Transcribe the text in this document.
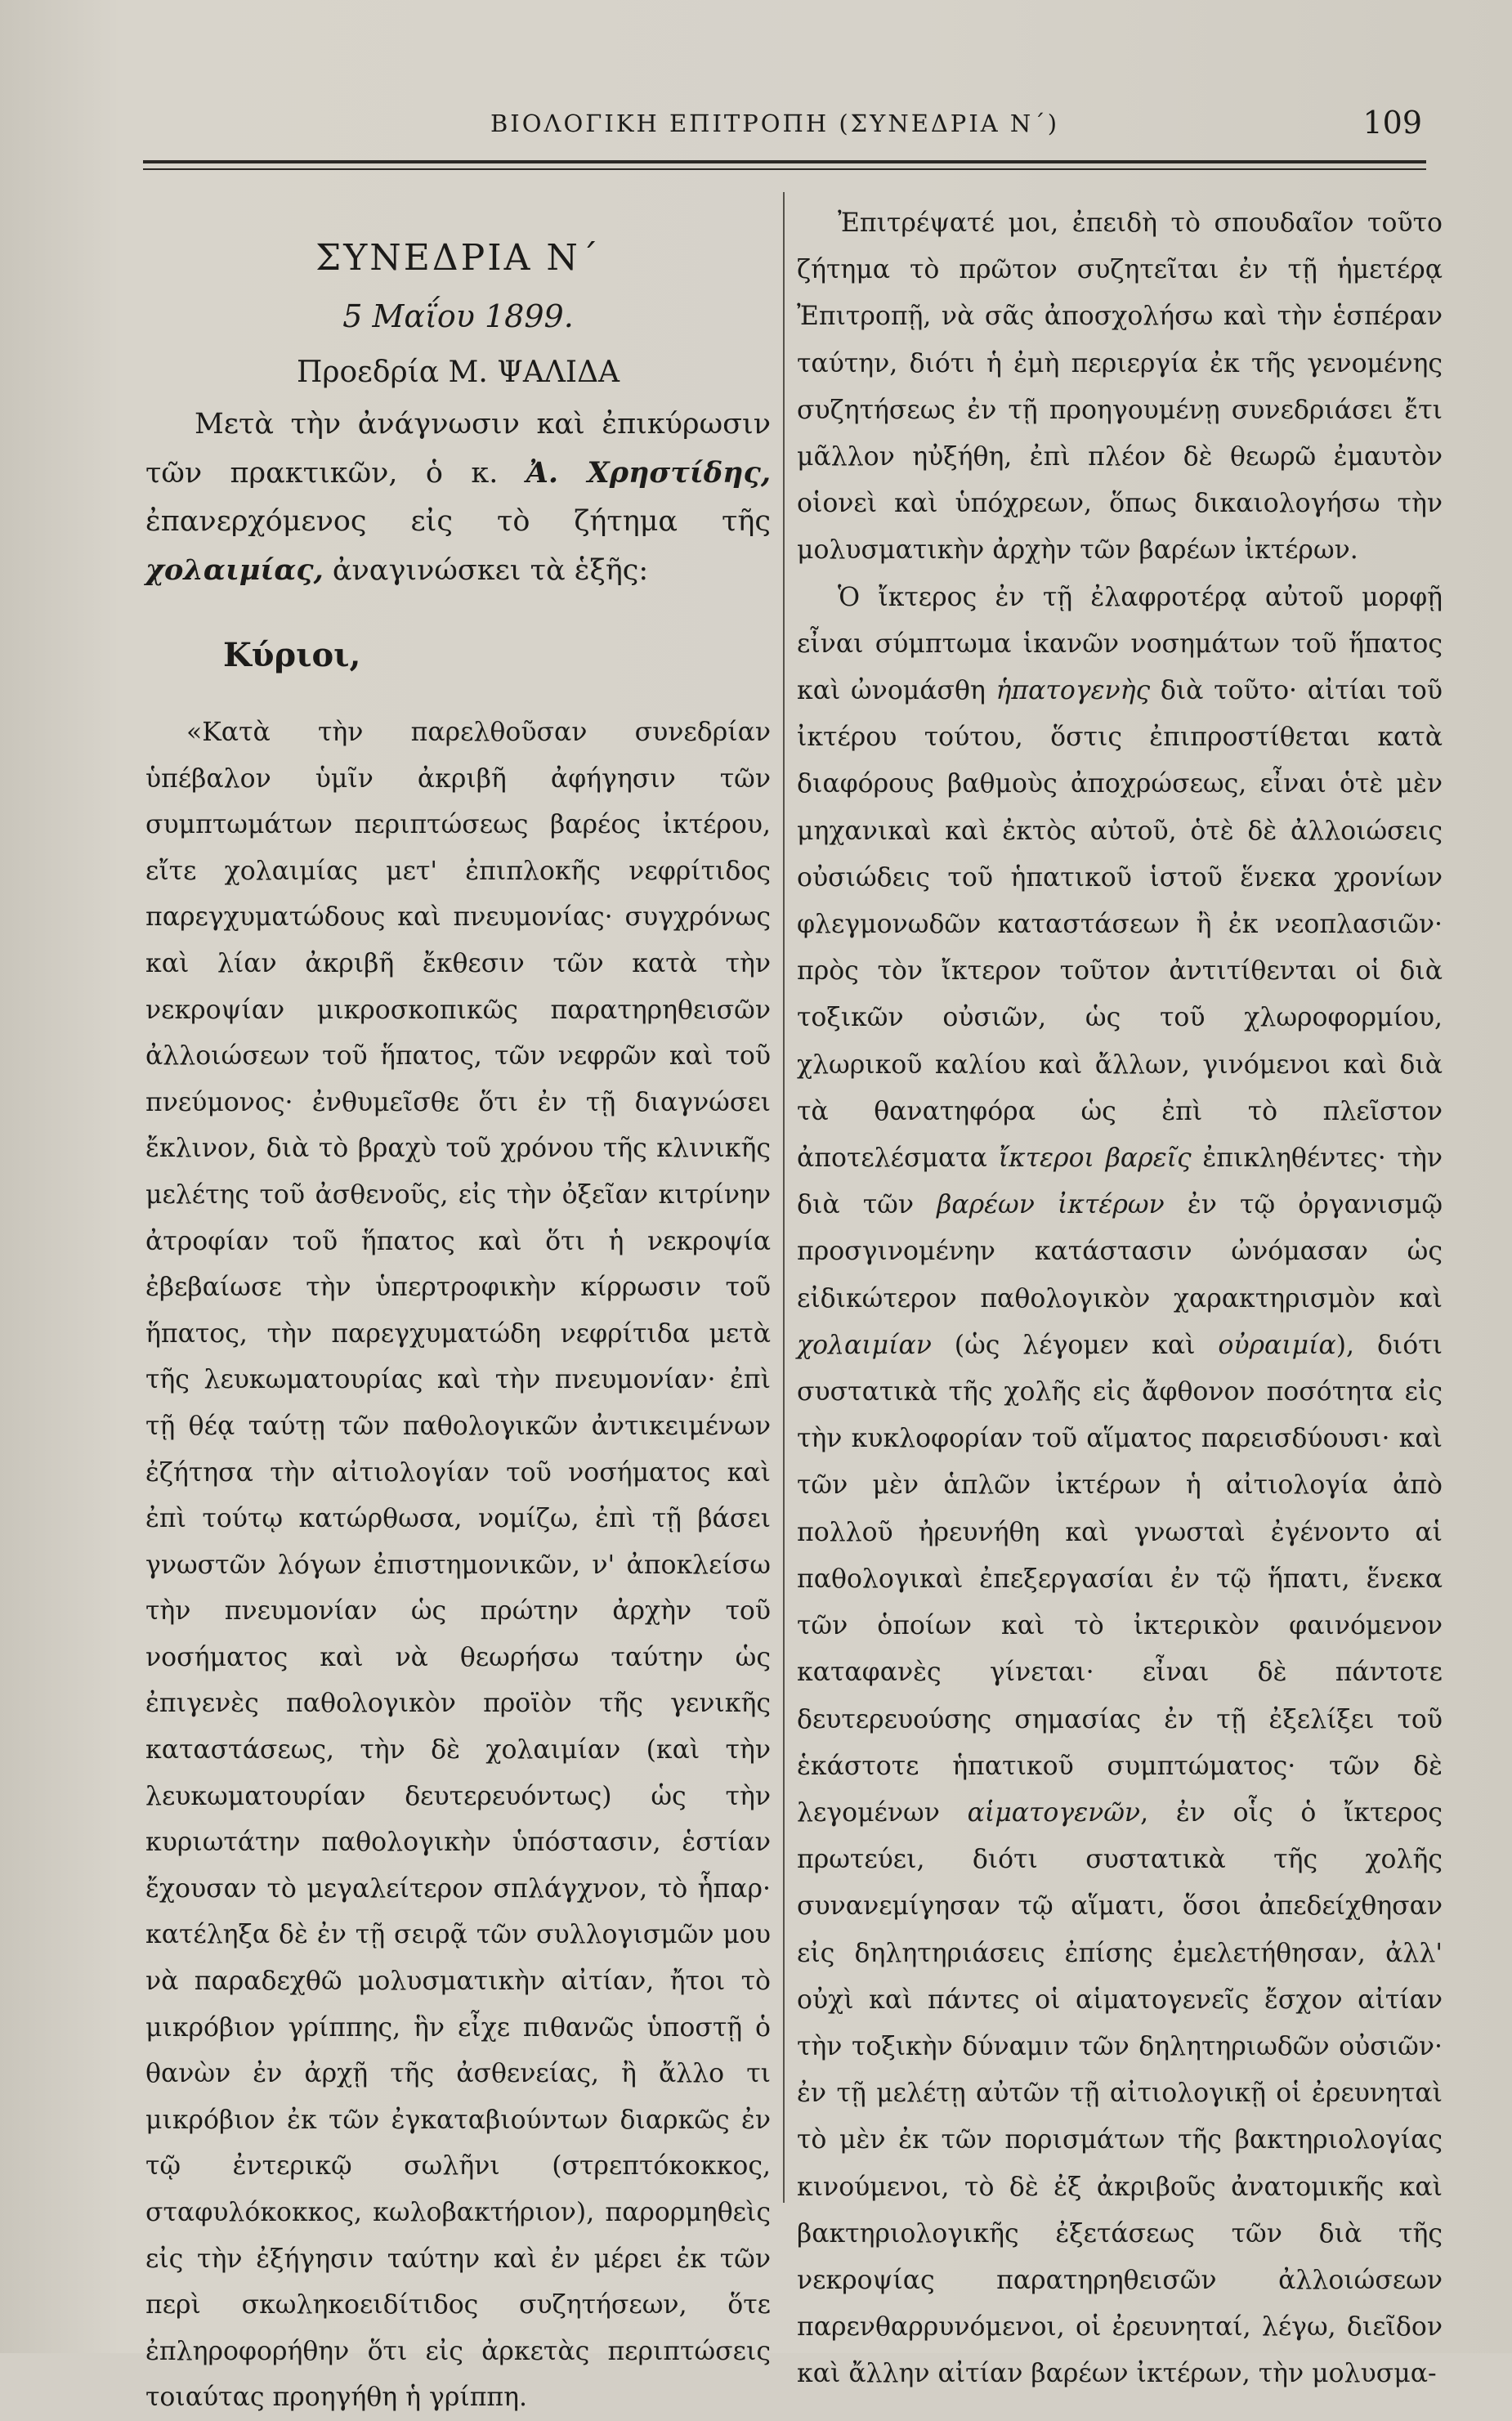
ΒΙΟΛΟΓΙΚΗ ΕΠΙΤΡΟΠΗ (ΣΥΝΕΔΡΙΑ Ν΄)	109
ΣΥΝΕΔΡΙΑ Ν΄
5 Μαΐου 1899.
Προεδρία Μ. ΨΑΛΙΔΑ

Μετὰ τὴν ἀνάγνωσιν καὶ ἐπικύρωσιν τῶν πρακτικῶν, ὁ κ. Ἀ. Χρηστίδης, ἐπανερχόμενος εἰς τὸ ζήτημα τῆς χολαιμίας, ἀναγινώσκει τὰ ἑξῆς:

Κύριοι,

«Κατὰ τὴν παρελθοῦσαν συνεδρίαν ὑπέβαλον ὑμῖν ἀκριβῆ ἀφήγησιν τῶν συμπτωμάτων περιπτώσεως βαρέος ἰκτέρου, εἴτε χολαιμίας μετ' ἐπιπλοκῆς νεφρίτιδος παρεγχυματώδους καὶ πνευμονίας· συγχρόνως καὶ λίαν ἀκριβῆ ἔκθεσιν τῶν κατὰ τὴν νεκροψίαν μικροσκοπικῶς παρατηρηθεισῶν ἀλλοιώσεων τοῦ ἥπατος, τῶν νεφρῶν καὶ τοῦ πνεύμονος· ἐνθυμεῖσθε ὅτι ἐν τῇ διαγνώσει ἔκλινον, διὰ τὸ βραχὺ τοῦ χρόνου τῆς κλινικῆς μελέτης τοῦ ἀσθενοῦς, εἰς τὴν ὀξεῖαν κιτρίνην ἀτροφίαν τοῦ ἥπατος καὶ ὅτι ἡ νεκροψία ἐβεβαίωσε τὴν ὑπερτροφικὴν κίρρωσιν τοῦ ἥπατος, τὴν παρεγχυματώδη νεφρίτιδα μετὰ τῆς λευκωματουρίας καὶ τὴν πνευμονίαν· ἐπὶ τῇ θέᾳ ταύτῃ τῶν παθολογικῶν ἀντικειμένων ἐζήτησα τὴν αἰτιολογίαν τοῦ νοσήματος καὶ ἐπὶ τούτῳ κατώρθωσα, νομίζω, ἐπὶ τῇ βάσει γνωστῶν λόγων ἐπιστημονικῶν, ν' ἀποκλείσω τὴν πνευμονίαν ὡς πρώτην ἀρχὴν τοῦ νοσήματος καὶ νὰ θεωρήσω ταύτην ὡς ἐπιγενὲς παθολογικὸν προϊὸν τῆς γενικῆς καταστάσεως, τὴν δὲ χολαιμίαν (καὶ τὴν λευκωματουρίαν δευτερευόντως) ὡς τὴν κυριωτάτην παθολογικὴν ὑπόστασιν, ἑστίαν ἔχουσαν τὸ μεγαλείτερον σπλάγχνον, τὸ ἧπαρ· κατέληξα δὲ ἐν τῇ σειρᾷ τῶν συλλογισμῶν μου νὰ παραδεχθῶ μολυσματικὴν αἰτίαν, ἤτοι τὸ μικρόβιον γρίππης, ἣν εἶχε πιθανῶς ὑποστῇ ὁ θανὼν ἐν ἀρχῇ τῆς ἀσθενείας, ἢ ἄλλο τι μικρόβιον ἐκ τῶν ἐγκαταβιούντων διαρκῶς ἐν τῷ ἐντερικῷ σωλῆνι (στρεπτόκοκκος, σταφυλόκοκκος, κωλοβακτήριον), παρορμηθεὶς εἰς τὴν ἐξήγησιν ταύτην καὶ ἐν μέρει ἐκ τῶν περὶ σκωληκοειδίτιδος συζητήσεων, ὅτε ἐπληροφορήθην ὅτι εἰς ἀρκετὰς περιπτώσεις τοιαύτας προηγήθη ἡ γρίππη.

Ἐπιτρέψατέ μοι, ἐπειδὴ τὸ σπουδαῖον τοῦτο ζήτημα τὸ πρῶτον συζητεῖται ἐν τῇ ἡμετέρᾳ Ἐπιτροπῇ, νὰ σᾶς ἀποσχολήσω καὶ τὴν ἑσπέραν ταύτην, διότι ἡ ἐμὴ περιεργία ἐκ τῆς γενομένης συζητήσεως ἐν τῇ προηγουμένῃ συνεδριάσει ἔτι μᾶλλον ηὐξήθη, ἐπὶ πλέον δὲ θεωρῶ ἐμαυτὸν οἱονεὶ καὶ ὑπόχρεων, ὅπως δικαιολογήσω τὴν μολυσματικὴν ἀρχὴν τῶν βαρέων ἰκτέρων.

Ὁ ἴκτερος ἐν τῇ ἐλαφροτέρᾳ αὐτοῦ μορφῇ εἶναι σύμπτωμα ἱκανῶν νοσημάτων τοῦ ἥπατος καὶ ὠνομάσθη ἡπατογενὴς διὰ τοῦτο· αἰτίαι τοῦ ἰκτέρου τούτου, ὅστις ἐπιπροστίθεται κατὰ διαφόρους βαθμοὺς ἀποχρώσεως, εἶναι ὁτὲ μὲν μηχανικαὶ καὶ ἐκτὸς αὐτοῦ, ὁτὲ δὲ ἀλλοιώσεις οὐσιώδεις τοῦ ἡπατικοῦ ἱστοῦ ἕνεκα χρονίων φλεγμονωδῶν καταστάσεων ἢ ἐκ νεοπλασιῶν· πρὸς τὸν ἴκτερον τοῦτον ἀντιτίθενται οἱ διὰ τοξικῶν οὐσιῶν, ὡς τοῦ χλωροφορμίου, χλωρικοῦ καλίου καὶ ἄλλων, γινόμενοι καὶ διὰ τὰ θανατηφόρα ὡς ἐπὶ τὸ πλεῖστον ἀποτελέσματα ἴκτεροι βαρεῖς ἐπικληθέντες· τὴν διὰ τῶν βαρέων ἰκτέρων ἐν τῷ ὀργανισμῷ προσγινομένην κατάστασιν ὠνόμασαν ὡς εἰδικώτερον παθολογικὸν χαρακτηρισμὸν καὶ χολαιμίαν (ὡς λέγομεν καὶ οὐραιμία), διότι συστατικὰ τῆς χολῆς εἰς ἄφθονον ποσότητα εἰς τὴν κυκλοφορίαν τοῦ αἵματος παρεισδύουσι· καὶ τῶν μὲν ἁπλῶν ἰκτέρων ἡ αἰτιολογία ἀπὸ πολλοῦ ἠρευνήθη καὶ γνωσταὶ ἐγένοντο αἱ παθολογικαὶ ἐπεξεργασίαι ἐν τῷ ἥπατι, ἕνεκα τῶν ὁποίων καὶ τὸ ἰκτερικὸν φαινόμενον καταφανὲς γίνεται· εἶναι δὲ πάντοτε δευτερευούσης σημασίας ἐν τῇ ἐξελίξει τοῦ ἑκάστοτε ἡπατικοῦ συμπτώματος· τῶν δὲ λεγομένων αἱματογενῶν, ἐν οἷς ὁ ἴκτερος πρωτεύει, διότι συστατικὰ τῆς χολῆς συνανεμίγησαν τῷ αἵματι, ὅσοι ἀπεδείχθησαν εἰς δηλητηριάσεις ἐπίσης ἐμελετήθησαν, ἀλλ' οὐχὶ καὶ πάντες οἱ αἱματογενεῖς ἔσχον αἰτίαν τὴν τοξικὴν δύναμιν τῶν δηλητηριωδῶν οὐσιῶν· ἐν τῇ μελέτῃ αὐτῶν τῇ αἰτιολογικῇ οἱ ἐρευνηταὶ τὸ μὲν ἐκ τῶν πορισμάτων τῆς βακτηριολογίας κινούμενοι, τὸ δὲ ἐξ ἀκριβοῦς ἀνατομικῆς καὶ βακτηριολογικῆς ἐξετάσεως τῶν διὰ τῆς νεκροψίας παρατηρηθεισῶν ἀλλοιώσεων παρενθαρρυνόμενοι, οἱ ἐρευνηταί, λέγω, διεῖδον καὶ ἄλλην αἰτίαν βαρέων ἰκτέρων, τὴν μολυσμα-
